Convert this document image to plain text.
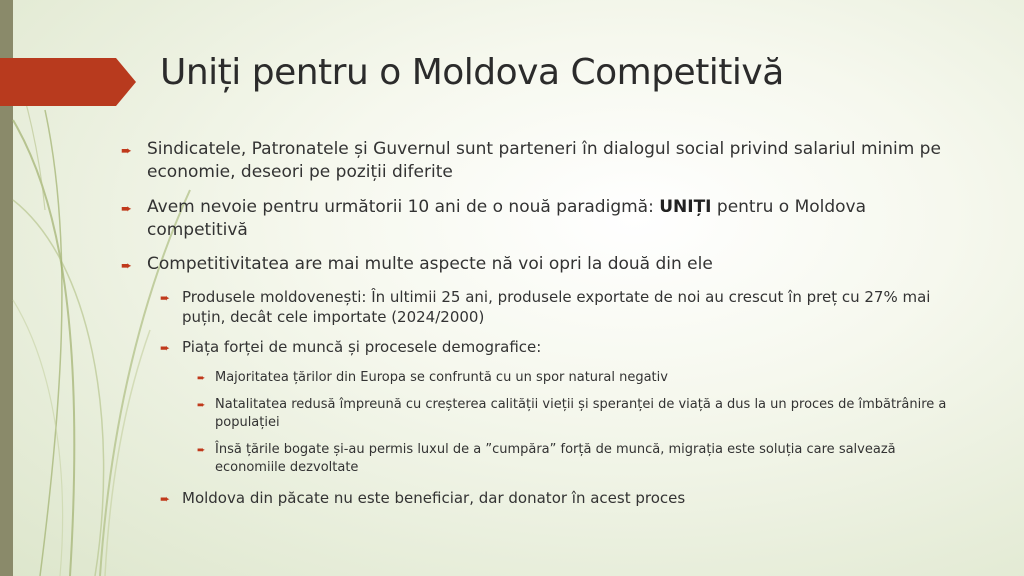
Uniți pentru o Moldova Competitivă
➨ Sindicatele, Patronatele și Guvernul sunt parteneri în dialogul social privind salariul minim pe economie, deseori pe poziții diferite
➨ Avem nevoie pentru următorii 10 ani de o nouă paradigmă: UNIȚI pentru o Moldova competitivă
➨ Competitivitatea are mai multe aspecte nă voi opri la două din ele
➨ Produsele moldovenești: În ultimii 25 ani, produsele exportate de noi au crescut în preț cu 27% mai puțin, decât cele importate (2024/2000)
➨ Piața forței de muncă și procesele demografice:
➨ Majoritatea țărilor din Europa se confruntă cu un spor natural negativ
➨ Natalitatea redusă împreună cu creșterea calității vieții și speranței de viață a dus la un proces de îmbătrânire a populației
➨ Însă țările bogate și-au permis luxul de a ”cumpăra” forță de muncă, migrația este soluția care salvează economiile dezvoltate
➨ Moldova din păcate nu este beneficiar, dar donator în acest proces
